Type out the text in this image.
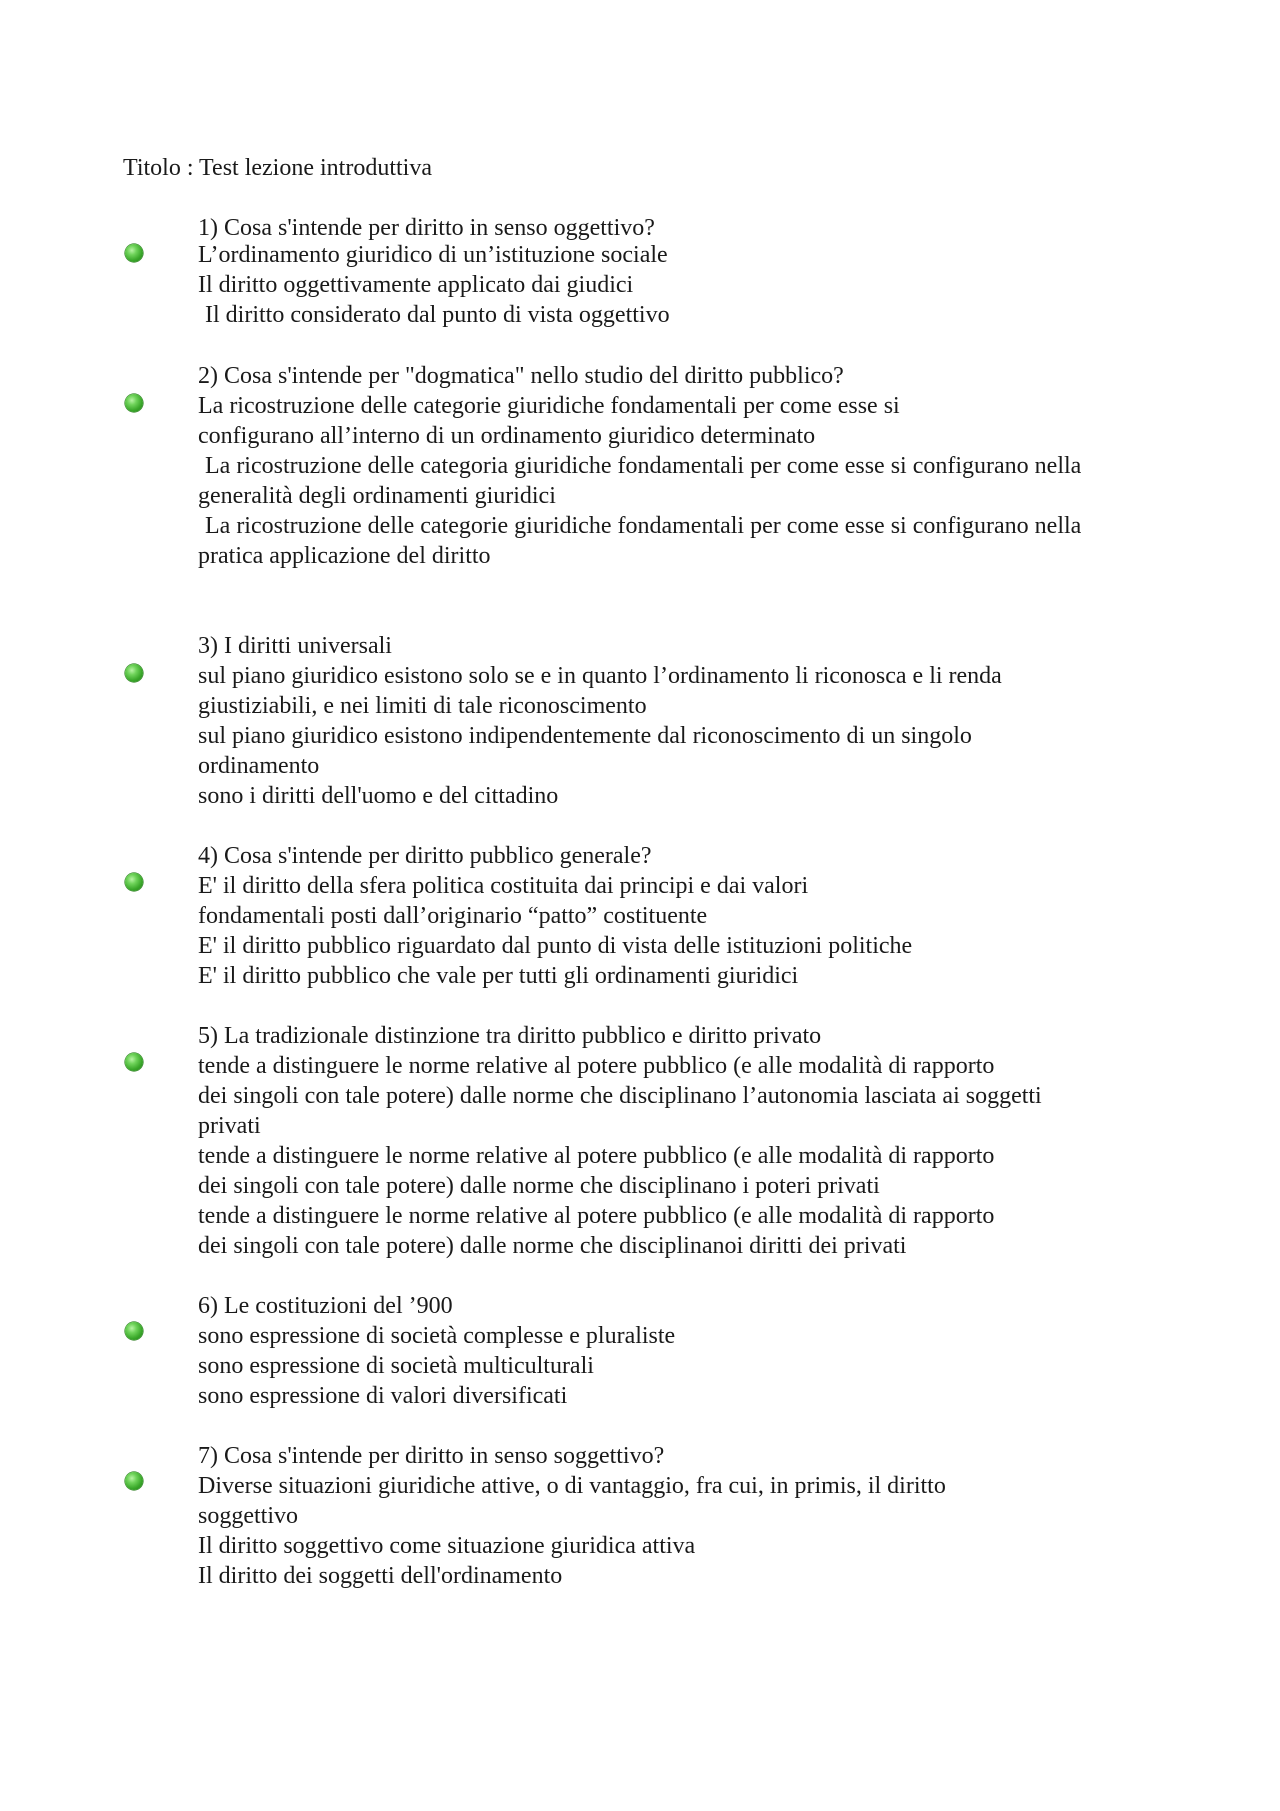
Titolo : Test lezione introduttiva
1) Cosa s'intende per diritto in senso oggettivo?
L’ordinamento giuridico di un’istituzione sociale
Il diritto oggettivamente applicato dai giudici
Il diritto considerato dal punto di vista oggettivo
2) Cosa s'intende per "dogmatica" nello studio del diritto pubblico?
La ricostruzione delle categorie giuridiche fondamentali per come esse si
configurano all’interno di un ordinamento giuridico determinato
La ricostruzione delle categoria giuridiche fondamentali per come esse si configurano nella
generalità degli ordinamenti giuridici
La ricostruzione delle categorie giuridiche fondamentali per come esse si configurano nella
pratica applicazione del diritto
3) I diritti universali
sul piano giuridico esistono solo se e in quanto l’ordinamento li riconosca e li renda
giustiziabili, e nei limiti di tale riconoscimento
sul piano giuridico esistono indipendentemente dal riconoscimento di un singolo
ordinamento
sono i diritti dell'uomo e del cittadino
4) Cosa s'intende per diritto pubblico generale?
E' il diritto della sfera politica costituita dai principi e dai valori
fondamentali posti dall’originario “patto” costituente
E' il diritto pubblico riguardato dal punto di vista delle istituzioni politiche
E' il diritto pubblico che vale per tutti gli ordinamenti giuridici
5) La tradizionale distinzione tra diritto pubblico e diritto privato
tende a distinguere le norme relative al potere pubblico (e alle modalità di rapporto
dei singoli con tale potere) dalle norme che disciplinano l’autonomia lasciata ai soggetti
privati
tende a distinguere le norme relative al potere pubblico (e alle modalità di rapporto
dei singoli con tale potere) dalle norme che disciplinano i poteri privati
tende a distinguere le norme relative al potere pubblico (e alle modalità di rapporto
dei singoli con tale potere) dalle norme che disciplinanoi diritti dei privati
6) Le costituzioni del ’900
sono espressione di società complesse e pluraliste
sono espressione di società multiculturali
sono espressione di valori diversificati
7) Cosa s'intende per diritto in senso soggettivo?
Diverse situazioni giuridiche attive, o di vantaggio, fra cui, in primis, il diritto
soggettivo
Il diritto soggettivo come situazione giuridica attiva
Il diritto dei soggetti dell'ordinamento
